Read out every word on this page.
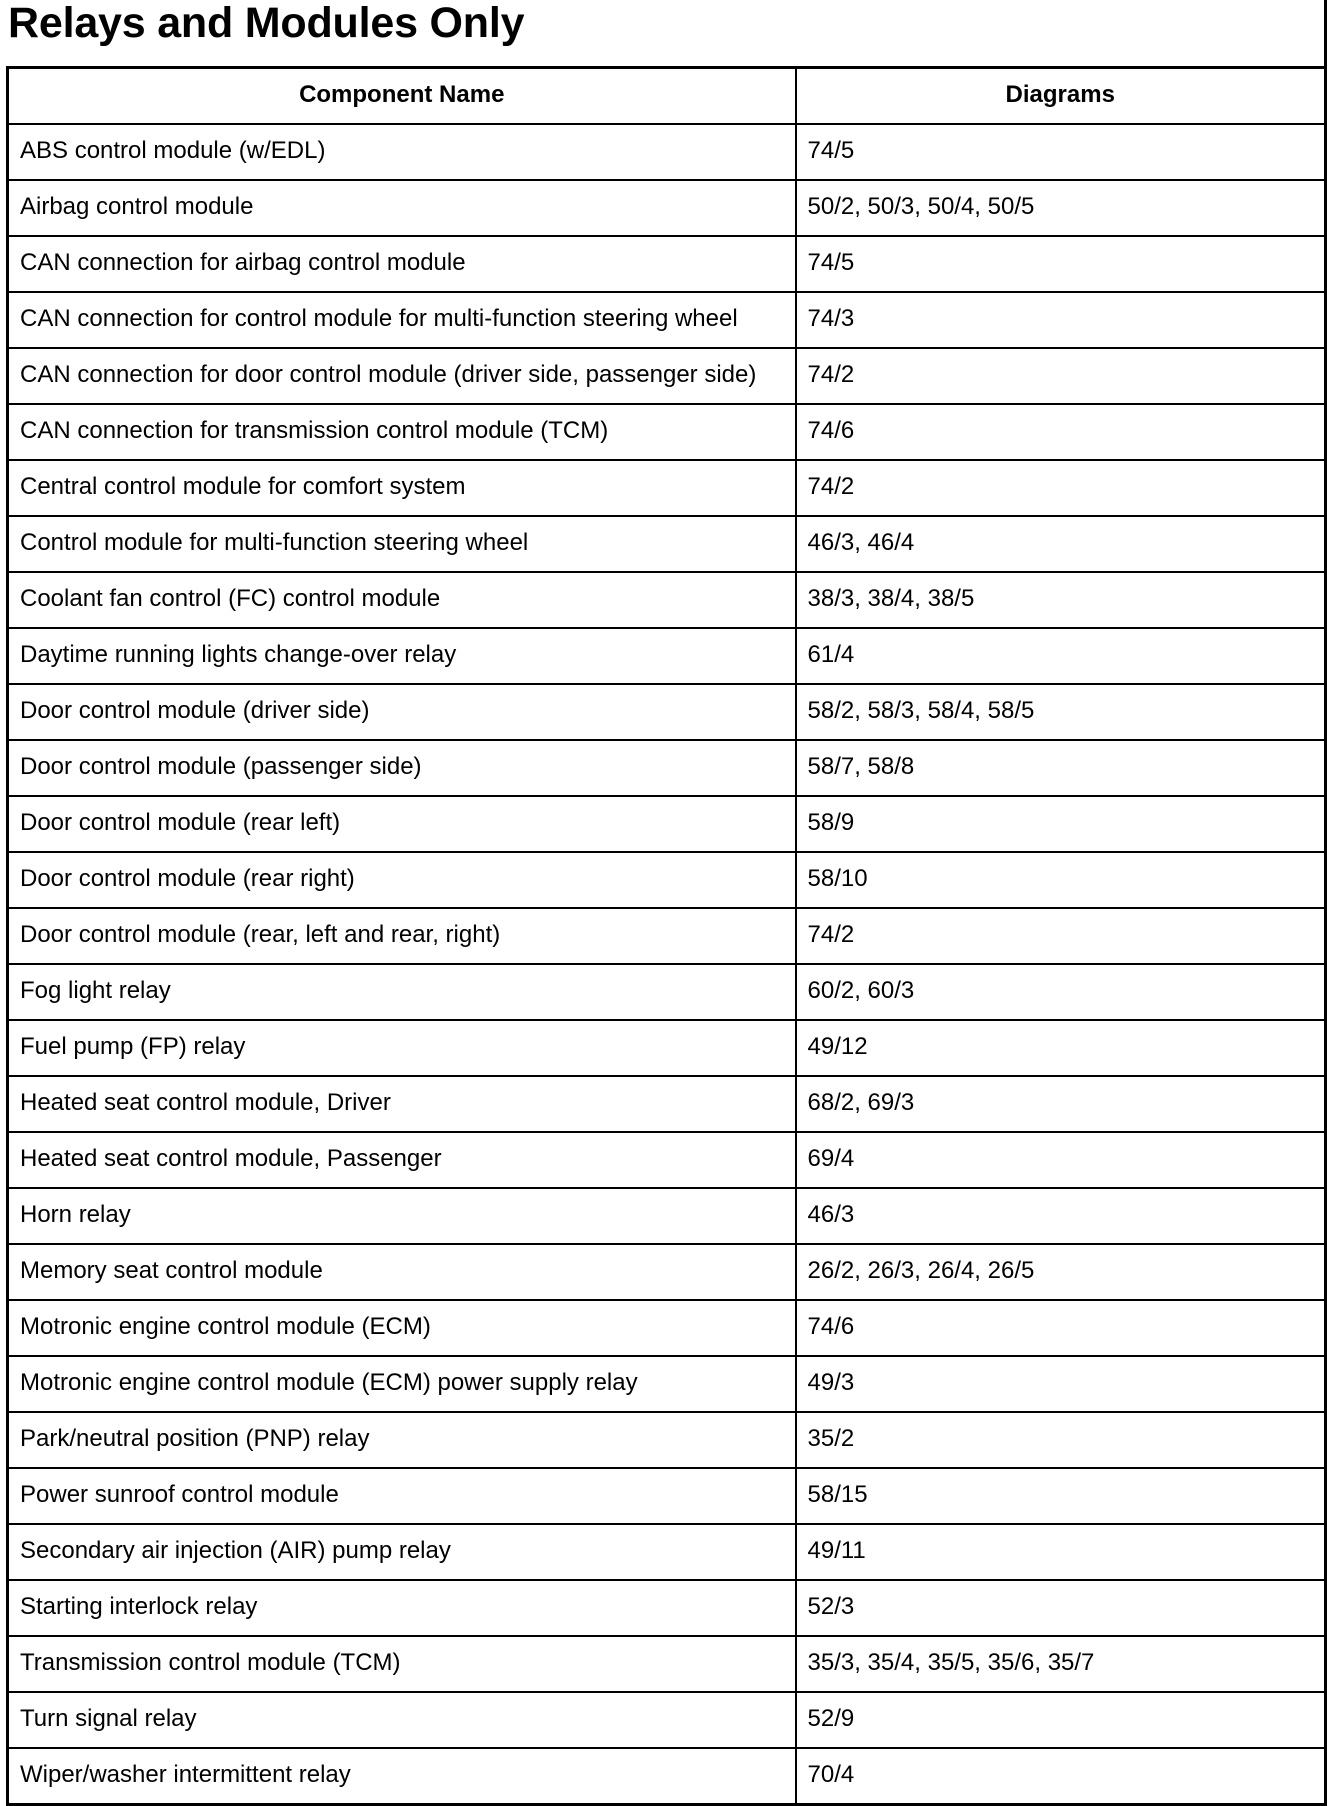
Relays and Modules Only
Component Name	Diagrams
ABS control module (w/EDL)	74/5
Airbag control module	50/2, 50/3, 50/4, 50/5
CAN connection for airbag control module	74/5
CAN connection for control module for multi-function steering wheel	74/3
CAN connection for door control module (driver side, passenger side)	74/2
CAN connection for transmission control module (TCM)	74/6
Central control module for comfort system	74/2
Control module for multi-function steering wheel	46/3, 46/4
Coolant fan control (FC) control module	38/3, 38/4, 38/5
Daytime running lights change-over relay	61/4
Door control module (driver side)	58/2, 58/3, 58/4, 58/5
Door control module (passenger side)	58/7, 58/8
Door control module (rear left)	58/9
Door control module (rear right)	58/10
Door control module (rear, left and rear, right)	74/2
Fog light relay	60/2, 60/3
Fuel pump (FP) relay	49/12
Heated seat control module, Driver	68/2, 69/3
Heated seat control module, Passenger	69/4
Horn relay	46/3
Memory seat control module	26/2, 26/3, 26/4, 26/5
Motronic engine control module (ECM)	74/6
Motronic engine control module (ECM) power supply relay	49/3
Park/neutral position (PNP) relay	35/2
Power sunroof control module	58/15
Secondary air injection (AIR) pump relay	49/11
Starting interlock relay	52/3
Transmission control module (TCM)	35/3, 35/4, 35/5, 35/6, 35/7
Turn signal relay	52/9
Wiper/washer intermittent relay	70/4
